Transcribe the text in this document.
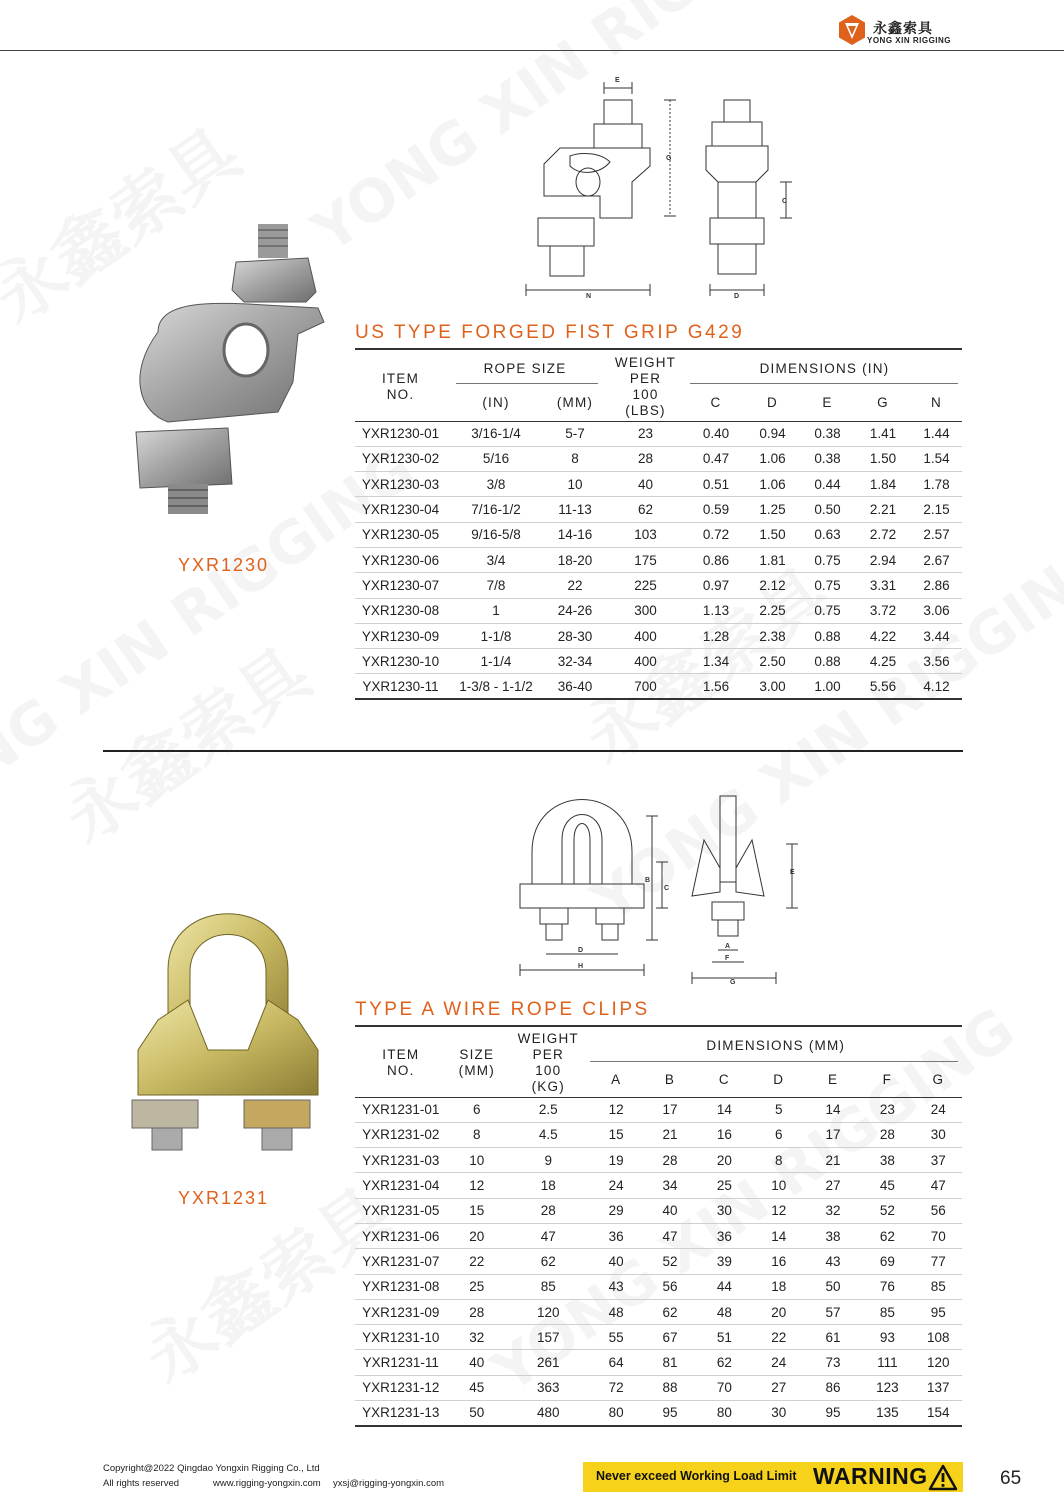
永鑫索具
YONG XIN RIGGING
YXR1230
E
G
N	D
C
US TYPE FORGED FIST GRIP G429
ITEM
NO.	ROPE SIZE		WEIGHT
PER
100
(LBS)	DIMENSIONS (IN)				
	(IN)	(MM)		C	D	E	G	N
YXR1230-01	3/16-1/4	5-7	23	0.40	0.94	0.38	1.41	1.44
YXR1230-02	5/16	8	28	0.47	1.06	0.38	1.50	1.54
YXR1230-03	3/8	10	40	0.51	1.06	0.44	1.84	1.78
YXR1230-04	7/16-1/2	11-13	62	0.59	1.25	0.50	2.21	2.15
YXR1230-05	9/16-5/8	14-16	103	0.72	1.50	0.63	2.72	2.57
YXR1230-06	3/4	18-20	175	0.86	1.81	0.75	2.94	2.67
YXR1230-07	7/8	22	225	0.97	2.12	0.75	3.31	2.86
YXR1230-08	1	24-26	300	1.13	2.25	0.75	3.72	3.06
YXR1230-09	1-1/8	28-30	400	1.28	2.38	0.88	4.22	3.44
YXR1230-10	1-1/4	32-34	400	1.34	2.50	0.88	4.25	3.56
YXR1230-11	1-3/8 - 1-1/2	36-40	700	1.56	3.00	1.00	5.56	4.12
YXR1231
B
C
D
H
E
A
F
G
TYPE A WIRE ROPE CLIPS
ITEM
NO.	SIZE
(MM)	WEIGHT
PER
100
(KG)	DIMENSIONS (MM)						
			A	B	C	D	E	F	G
YXR1231-01	6	2.5	12	17	14	5	14	23	24
YXR1231-02	8	4.5	15	21	16	6	17	28	30
YXR1231-03	10	9	19	28	20	8	21	38	37
YXR1231-04	12	18	24	34	25	10	27	45	47
YXR1231-05	15	28	29	40	30	12	32	52	56
YXR1231-06	20	47	36	47	36	14	38	62	70
YXR1231-07	22	62	40	52	39	16	43	69	77
YXR1231-08	25	85	43	56	44	18	50	76	85
YXR1231-09	28	120	48	62	48	20	57	85	95
YXR1231-10	32	157	55	67	51	22	61	93	108
YXR1231-11	40	261	64	81	62	24	73	111	120
YXR1231-12	45	363	72	88	70	27	86	123	137
YXR1231-13	50	480	80	95	80	30	95	135	154
Copyright@2022 Qingdao Yongxin Rigging Co., Ltd
All rights reserved	www.rigging-yongxin.com yxsj@rigging-yongxin.com
Never exceed Working Load Limit WARNING	65
